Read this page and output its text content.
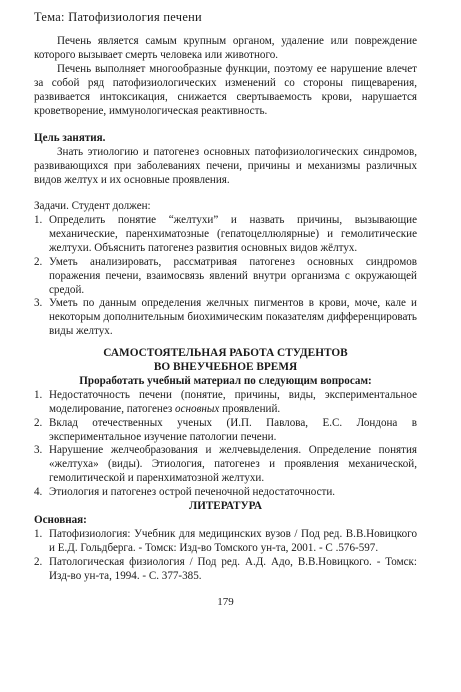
Тема: Патофизиология печени

Печень является самым крупным органом, удаление или повреждение которого вызывает смерть человека или животного.

Печень выполняет многообразные функции, поэтому ее нарушение влечет за собой ряд патофизиологических изменений со стороны пищеварения, развивается интоксикация, снижается свертываемость крови, нарушается кроветворение, иммунологическая реактивность.

Цель занятия.

Знать этиологию и патогенез основных патофизиологических синдромов, развивающихся при заболеваниях печени, причины и механизмы различных видов желтух и их основные проявления.

Задачи. Студент должен:

1. Определить понятие “желтухи” и назвать причины, вызывающие механические, паренхиматозные (гепатоцеллюлярные) и гемолитические желтухи. Объяснить патогенез развития основных видов жёлтух.
2. Уметь анализировать, рассматривая патогенез основных синдромов поражения печени, взаимосвязь явлений внутри организма с окружающей средой.
3. Уметь по данным определения желчных пигментов в крови, моче, кале и некоторым дополнительным биохимическим показателям дифференцировать виды желтух.

САМОСТОЯТЕЛЬНАЯ РАБОТА СТУДЕНТОВ

ВО ВНЕУЧЕБНОЕ ВРЕМЯ

Проработать учебный материал по следующим вопросам:

1. Недостаточность печени (понятие, причины, виды, экспериментальное моделирование, патогенез основных проявлений.
2. Вклад отечественных ученых (И.П. Павлова, Е.С. Лондона в экспериментальное изучение патологии печени.
3. Нарушение желчеобразования и желчевыделения. Определение понятия «желтуха» (виды). Этиология, патогенез и проявления механической, гемолитической и паренхиматозной желтухи.
4. Этиология и патогенез острой печеночной недостаточности.

ЛИТЕРАТУРА

Основная:

1. Патофизиология: Учебник для медицинских вузов / Под ред. В.В.Новицкого и Е.Д. Гольдберга. - Томск: Изд-во Томского ун-та, 2001. - С .576-597.
2. Патологическая физиология / Под ред. А.Д. Адо, В.В.Новицкого. - Томск: Изд-во ун-та, 1994. - С. 377-385.
179
